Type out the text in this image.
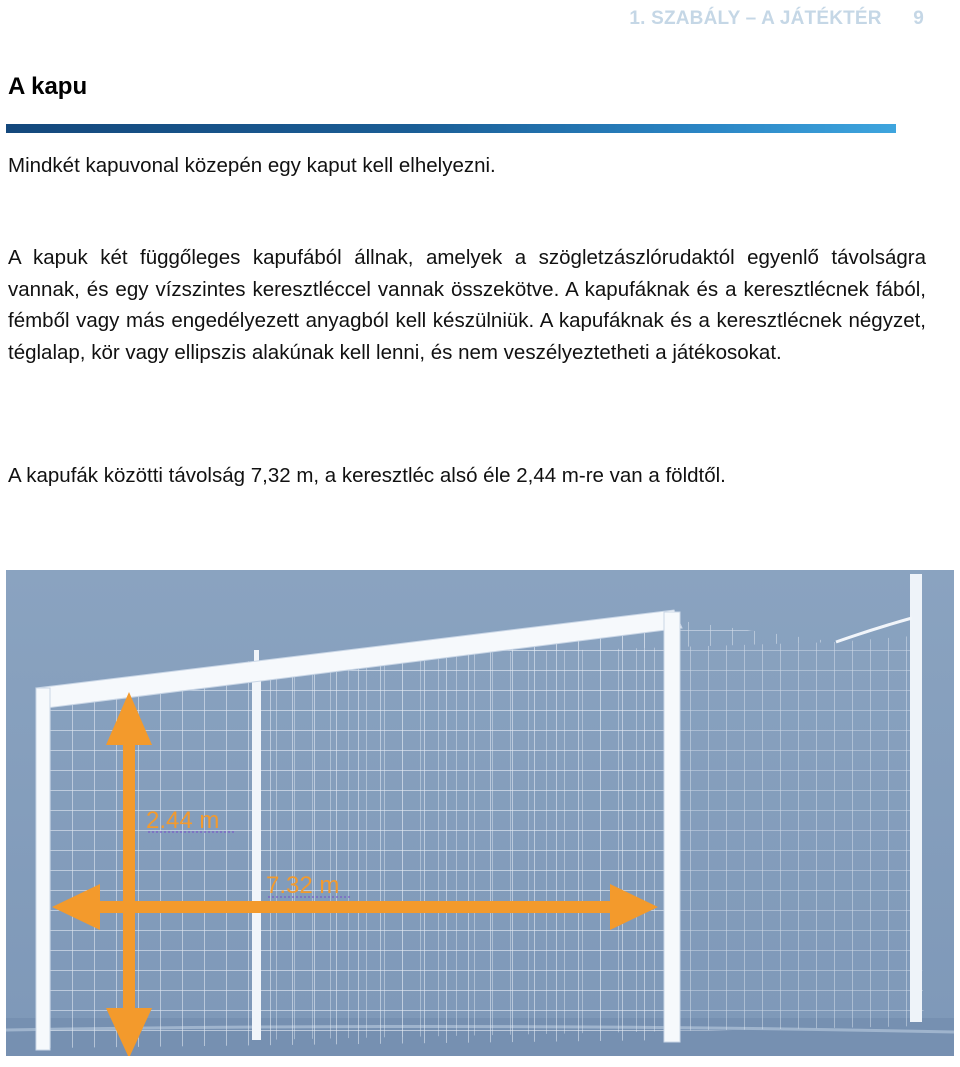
1. SZABÁLY – A JÁTÉKTÉR 9
A kapu

Mindkét kapuvonal közepén egy kaput kell elhelyezni.

A kapuk két függőleges kapufából állnak, amelyek a szögletzászlórudaktól egyenlő távolságra vannak, és egy vízszintes keresztléccel vannak összekötve. A kapufáknak és a keresztlécnek fából, fémből vagy más engedélyezett anyagból kell készülniük. A kapufáknak és a keresztlécnek négyzet, téglalap, kör vagy ellipszis alakúnak kell lenni, és nem veszélyeztetheti a játékosokat.

A kapufák közötti távolság 7,32 m, a keresztléc alsó éle 2,44 m-re van a földtől.

2.44 m
7.32 m
